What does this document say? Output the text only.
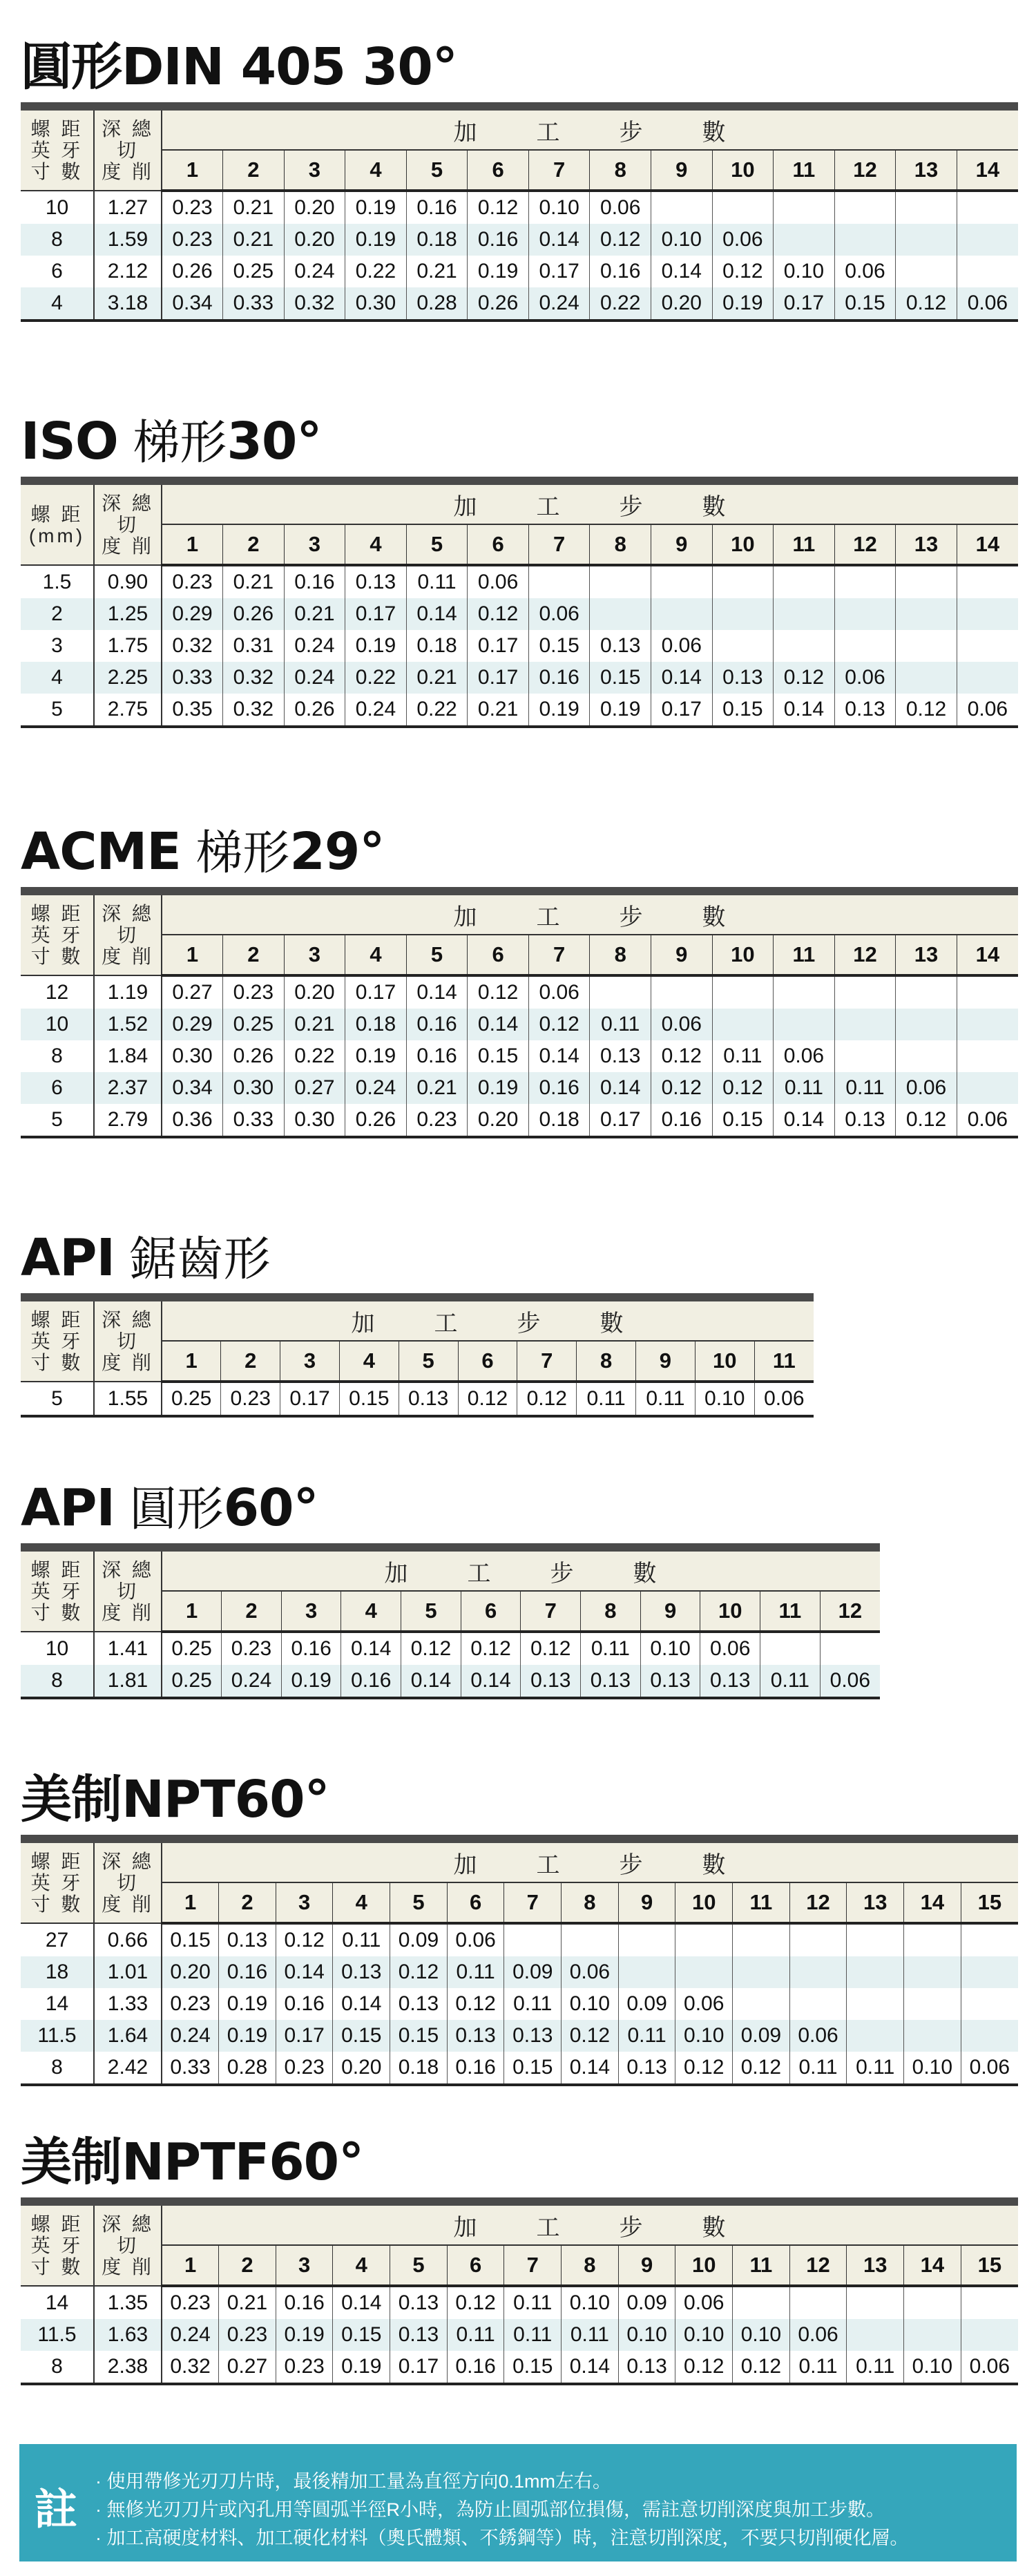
圓形DIN 405 30°

螺 距
英 牙
寸 數	深 總
切
度 削	加 工 步 數													
		1	2	3	4	5	6	7	8	9	10	11	12	13	14
10	1.27	0.23	0.21	0.20	0.19	0.16	0.12	0.10	0.06						
8	1.59	0.23	0.21	0.20	0.19	0.18	0.16	0.14	0.12	0.10	0.06				
6	2.12	0.26	0.25	0.24	0.22	0.21	0.19	0.17	0.16	0.14	0.12	0.10	0.06		
4	3.18	0.34	0.33	0.32	0.30	0.28	0.26	0.24	0.22	0.20	0.19	0.17	0.15	0.12	0.06
ISO 梯形30°

螺 距
(mm)	深 總
切
度 削	加 工 步 數													
		1	2	3	4	5	6	7	8	9	10	11	12	13	14
1.5	0.90	0.23	0.21	0.16	0.13	0.11	0.06								
2	1.25	0.29	0.26	0.21	0.17	0.14	0.12	0.06							
3	1.75	0.32	0.31	0.24	0.19	0.18	0.17	0.15	0.13	0.06					
4	2.25	0.33	0.32	0.24	0.22	0.21	0.17	0.16	0.15	0.14	0.13	0.12	0.06		
5	2.75	0.35	0.32	0.26	0.24	0.22	0.21	0.19	0.19	0.17	0.15	0.14	0.13	0.12	0.06
ACME 梯形29°

螺 距
英 牙
寸 數	深 總
切
度 削	加 工 步 數													
		1	2	3	4	5	6	7	8	9	10	11	12	13	14
12	1.19	0.27	0.23	0.20	0.17	0.14	0.12	0.06							
10	1.52	0.29	0.25	0.21	0.18	0.16	0.14	0.12	0.11	0.06					
8	1.84	0.30	0.26	0.22	0.19	0.16	0.15	0.14	0.13	0.12	0.11	0.06			
6	2.37	0.34	0.30	0.27	0.24	0.21	0.19	0.16	0.14	0.12	0.12	0.11	0.11	0.06	
5	2.79	0.36	0.33	0.30	0.26	0.23	0.20	0.18	0.17	0.16	0.15	0.14	0.13	0.12	0.06
API 鋸齒形

螺 距
英 牙
寸 數	深 總
切
度 削	加 工 步 數										
		1	2	3	4	5	6	7	8	9	10	11
5	1.55	0.25	0.23	0.17	0.15	0.13	0.12	0.12	0.11	0.11	0.10	0.06
API 圓形60°

螺 距
英 牙
寸 數	深 總
切
度 削	加 工 步 數											
		1	2	3	4	5	6	7	8	9	10	11	12
10	1.41	0.25	0.23	0.16	0.14	0.12	0.12	0.12	0.11	0.10	0.06		
8	1.81	0.25	0.24	0.19	0.16	0.14	0.14	0.13	0.13	0.13	0.13	0.11	0.06
美制NPT60°

螺 距
英 牙
寸 數	深 總
切
度 削	加 工 步 數														
		1	2	3	4	5	6	7	8	9	10	11	12	13	14	15
27	0.66	0.15	0.13	0.12	0.11	0.09	0.06									
18	1.01	0.20	0.16	0.14	0.13	0.12	0.11	0.09	0.06							
14	1.33	0.23	0.19	0.16	0.14	0.13	0.12	0.11	0.10	0.09	0.06					
11.5	1.64	0.24	0.19	0.17	0.15	0.15	0.13	0.13	0.12	0.11	0.10	0.09	0.06			
8	2.42	0.33	0.28	0.23	0.20	0.18	0.16	0.15	0.14	0.13	0.12	0.12	0.11	0.11	0.10	0.06
美制NPTF60°

螺 距
英 牙
寸 數	深 總
切
度 削	加 工 步 數														
		1	2	3	4	5	6	7	8	9	10	11	12	13	14	15
14	1.35	0.23	0.21	0.16	0.14	0.13	0.12	0.11	0.10	0.09	0.06					
11.5	1.63	0.24	0.23	0.19	0.15	0.13	0.11	0.11	0.11	0.10	0.10	0.10	0.06			
8	2.38	0.32	0.27	0.23	0.19	0.17	0.16	0.15	0.14	0.13	0.12	0.12	0.11	0.11	0.10	0.06
註
· 使用帶修光刃刀片時，最後精加工量為直徑方向0.1mm左右。
· 無修光刃刀片或內孔用等圓弧半徑R小時，為防止圓弧部位損傷，需註意切削深度與加工步數。
· 加工高硬度材料、加工硬化材料（奧氏體類、不銹鋼等）時，注意切削深度，不要只切削硬化層。
